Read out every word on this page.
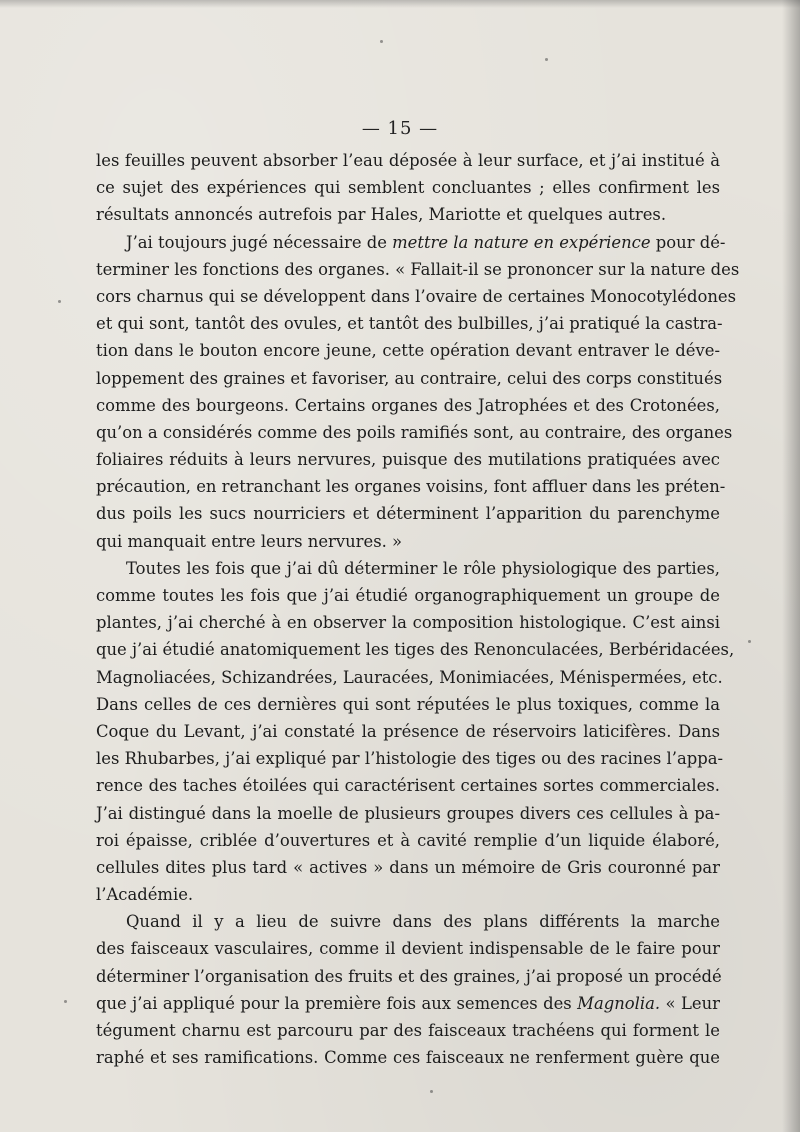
— 15 —
les feuilles peuvent absorber l’eau déposée à leur surface, et j’ai institué à
ce sujet des expériences qui semblent concluantes ; elles confirment les
résultats annoncés autrefois par Hales, Mariotte et quelques autres.
J’ai toujours jugé nécessaire de mettre la nature en expérience pour dé-
terminer les fonctions des organes. « Fallait-il se prononcer sur la nature des
cors charnus qui se développent dans l’ovaire de certaines Monocotylédones
et qui sont, tantôt des ovules, et tantôt des bulbilles, j’ai pratiqué la castra-
tion dans le bouton encore jeune, cette opération devant entraver le déve-
loppement des graines et favoriser, au contraire, celui des corps constitués
comme des bourgeons. Certains organes des Jatrophées et des Crotonées,
qu’on a considérés comme des poils ramifiés sont, au contraire, des organes
foliaires réduits à leurs nervures, puisque des mutilations pratiquées avec
précaution, en retranchant les organes voisins, font affluer dans les préten-
dus poils les sucs nourriciers et déterminent l’apparition du parenchyme
qui manquait entre leurs nervures. »
Toutes les fois que j’ai dû déterminer le rôle physiologique des parties,
comme toutes les fois que j’ai étudié organographiquement un groupe de
plantes, j’ai cherché à en observer la composition histologique. C’est ainsi
que j’ai étudié anatomiquement les tiges des Renonculacées, Berbéridacées,
Magnoliacées, Schizandrées, Lauracées, Monimiacées, Ménispermées, etc.
Dans celles de ces dernières qui sont réputées le plus toxiques, comme la
Coque du Levant, j’ai constaté la présence de réservoirs laticifères. Dans
les Rhubarbes, j’ai expliqué par l’histologie des tiges ou des racines l’appa-
rence des taches étoilées qui caractérisent certaines sortes commerciales.
J’ai distingué dans la moelle de plusieurs groupes divers ces cellules à pa-
roi épaisse, criblée d’ouvertures et à cavité remplie d’un liquide élaboré,
cellules dites plus tard « actives » dans un mémoire de Gris couronné par
l’Académie.
Quand il y a lieu de suivre dans des plans différents la marche
des faisceaux vasculaires, comme il devient indispensable de le faire pour
déterminer l’organisation des fruits et des graines, j’ai proposé un procédé
que j’ai appliqué pour la première fois aux semences des Magnolia. « Leur
tégument charnu est parcouru par des faisceaux trachéens qui forment le
raphé et ses ramifications. Comme ces faisceaux ne renferment guère que
